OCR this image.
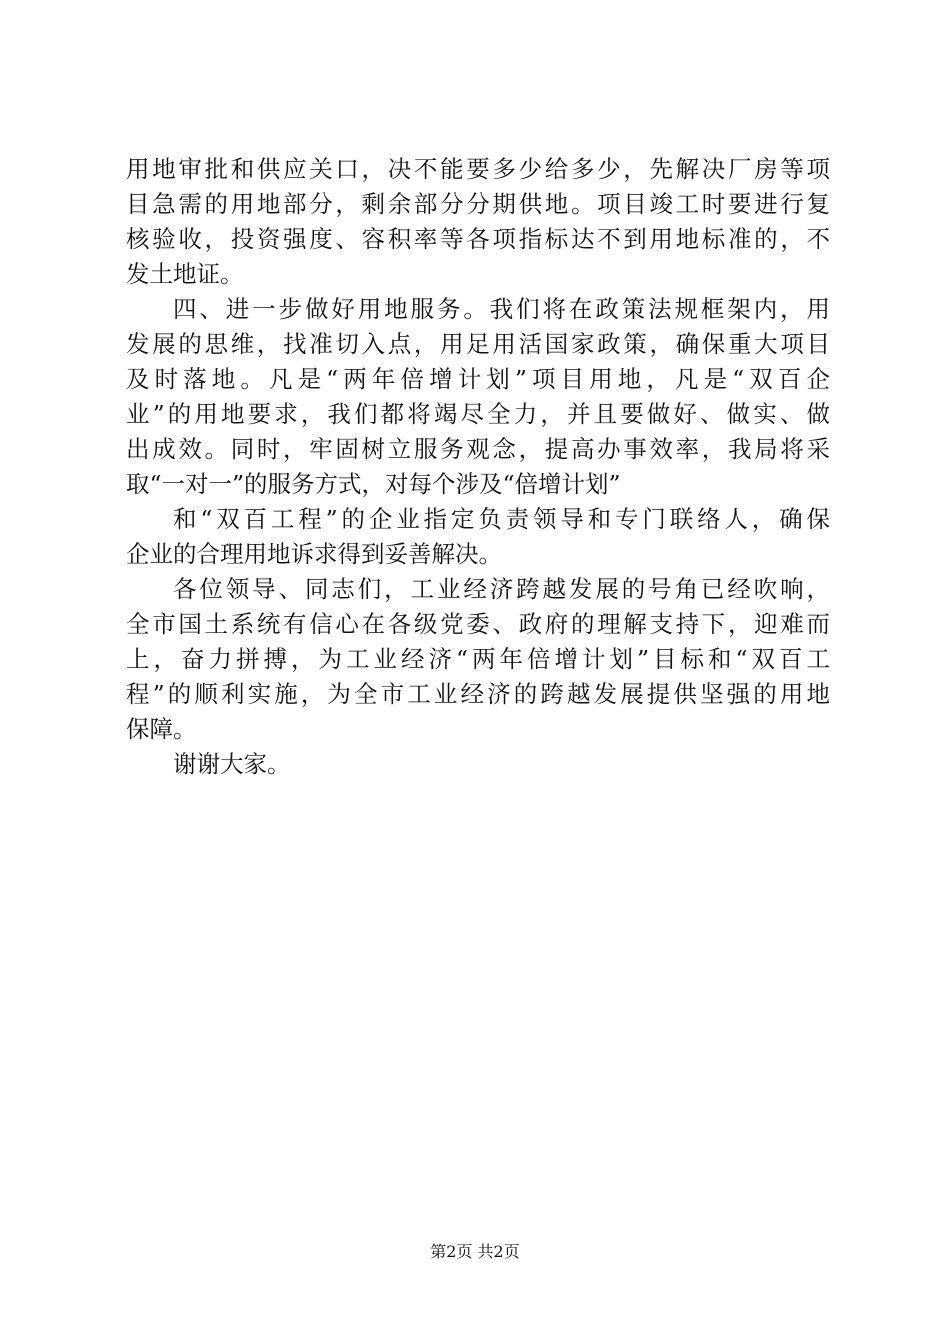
用地审批和供应关口，决不能要多少给多少，先解决厂房等项
目急需的用地部分，剩余部分分期供地。项目竣工时要进行复
核验收，投资强度、容积率等各项指标达不到用地标准的，不
发土地证。
四、进一步做好用地服务。我们将在政策法规框架内，用
发展的思维，找准切入点，用足用活国家政策，确保重大项目
及时落地。凡是“两年倍增计划”项目用地，凡是“双百企
业”的用地要求，我们都将竭尽全力，并且要做好、做实、做
出成效。同时，牢固树立服务观念，提高办事效率，我局将采
取“一对一”的服务方式，对每个涉及“倍增计划”
和“双百工程”的企业指定负责领导和专门联络人，确保
企业的合理用地诉求得到妥善解决。
各位领导、同志们，工业经济跨越发展的号角已经吹响，
全市国土系统有信心在各级党委、政府的理解支持下，迎难而
上，奋力拼搏，为工业经济“两年倍增计划”目标和“双百工
程”的顺利实施，为全市工业经济的跨越发展提供坚强的用地
保障。
谢谢大家。
第2页 共2页
